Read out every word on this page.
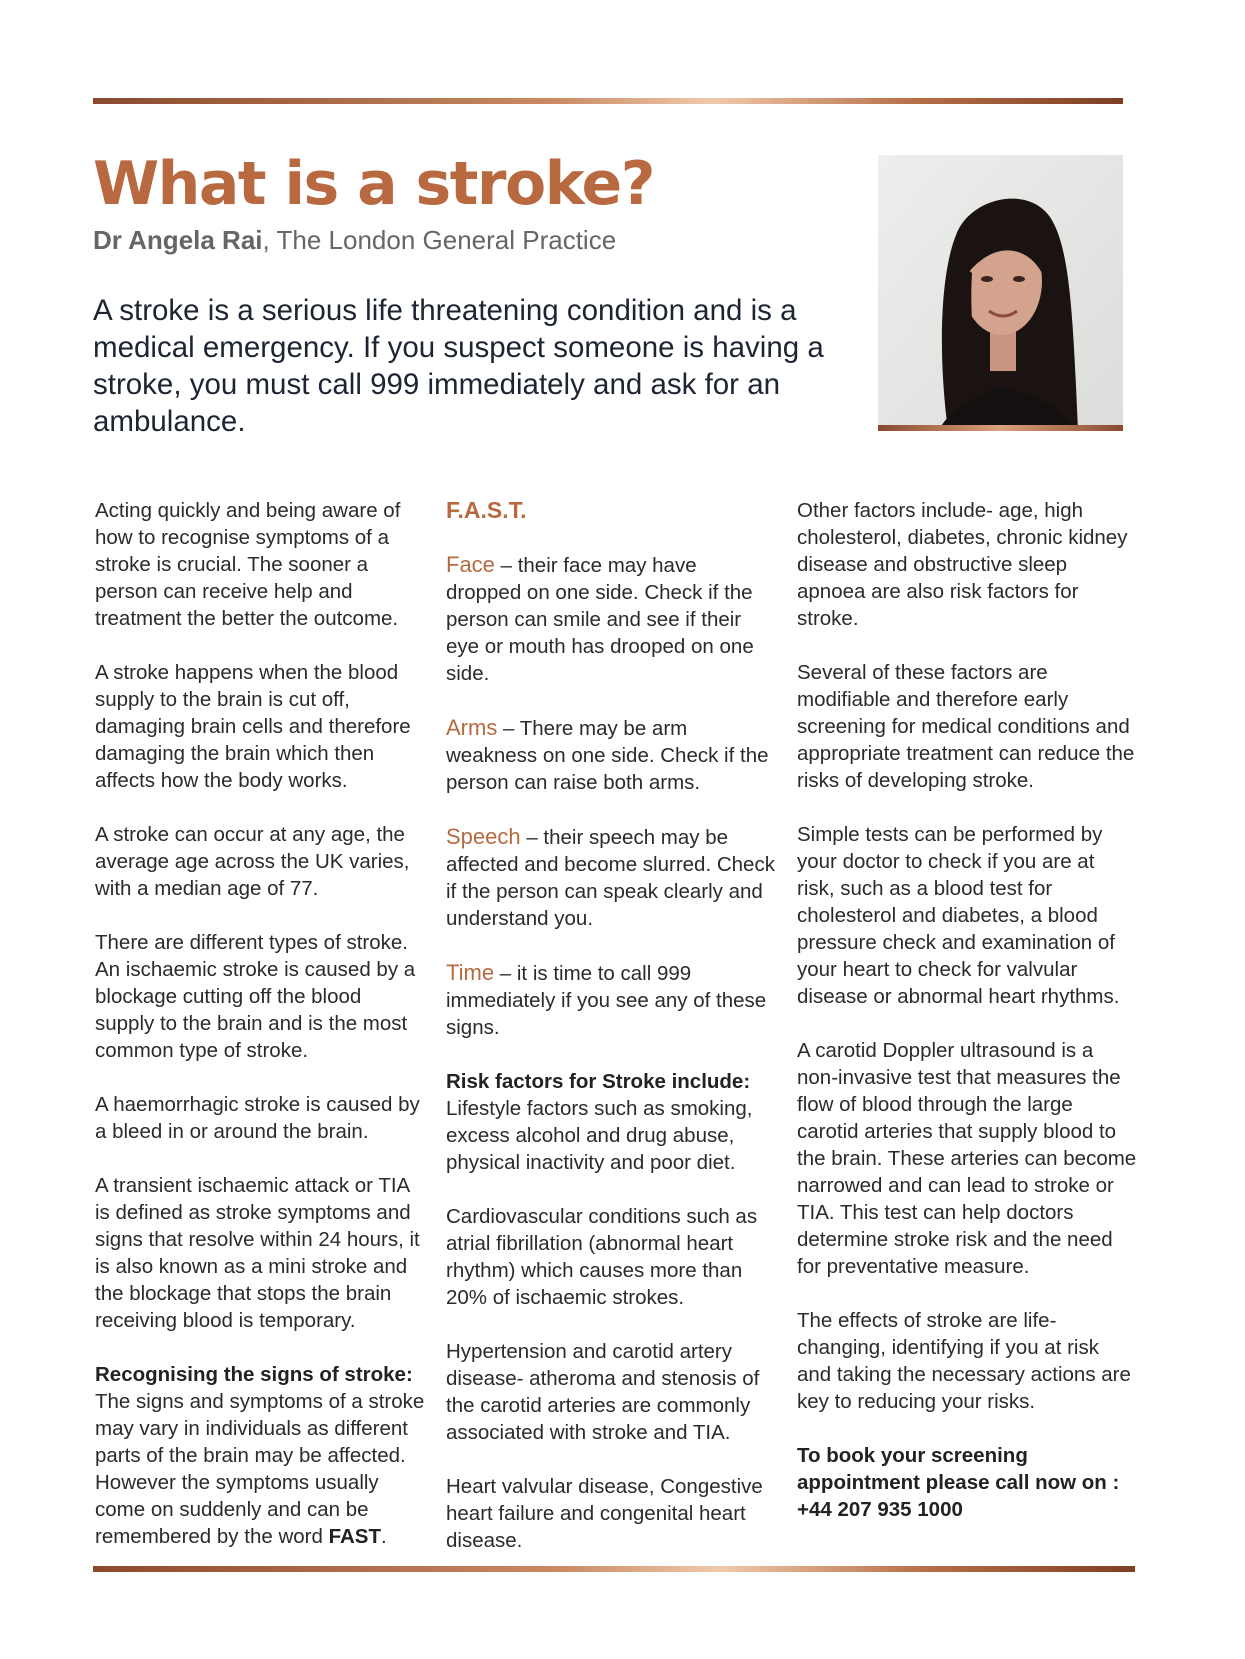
What is a stroke?
Dr Angela Rai, The London General Practice

A stroke is a serious life threatening condition and is a medical emergency. If you suspect someone is having a stroke, you must call 999 immediately and ask for an ambulance.

Acting quickly and being aware of how to recognise symptoms of a stroke is crucial. The sooner a person can receive help and treatment the better the outcome.

A stroke happens when the blood supply to the brain is cut off, damaging brain cells and therefore damaging the brain which then affects how the body works.

A stroke can occur at any age, the average age across the UK varies, with a median age of 77.

There are different types of stroke. An ischaemic stroke is caused by a blockage cutting off the blood supply to the brain and is the most common type of stroke.

A haemorrhagic stroke is caused by a bleed in or around the brain.

A transient ischaemic attack or TIA is defined as stroke symptoms and signs that resolve within 24 hours, it is also known as a mini stroke and the blockage that stops the brain receiving blood is temporary.

Recognising the signs of stroke:
The signs and symptoms of a stroke may vary in individuals as different parts of the brain may be affected. However the symptoms usually come on suddenly and can be remembered by the word FAST.

F.A.S.T.

Face – their face may have dropped on one side. Check if the person can smile and see if their eye or mouth has drooped on one side.

Arms – There may be arm weakness on one side. Check if the person can raise both arms.

Speech – their speech may be affected and become slurred. Check if the person can speak clearly and understand you.

Time – it is time to call 999 immediately if you see any of these signs.

Risk factors for Stroke include:
Lifestyle factors such as smoking, excess alcohol and drug abuse, physical inactivity and poor diet.

Cardiovascular conditions such as atrial fibrillation (abnormal heart rhythm) which causes more than 20% of ischaemic strokes.

Hypertension and carotid artery disease- atheroma and stenosis of the carotid arteries are commonly associated with stroke and TIA.

Heart valvular disease, Congestive heart failure and congenital heart disease.

Other factors include- age, high cholesterol, diabetes, chronic kidney disease and obstructive sleep apnoea are also risk factors for stroke.

Several of these factors are modifiable and therefore early screening for medical conditions and appropriate treatment can reduce the risks of developing stroke.

Simple tests can be performed by your doctor to check if you are at risk, such as a blood test for cholesterol and diabetes, a blood pressure check and examination of your heart to check for valvular disease or abnormal heart rhythms.

A carotid Doppler ultrasound is a non-invasive test that measures the flow of blood through the large carotid arteries that supply blood to the brain. These arteries can become narrowed and can lead to stroke or TIA. This test can help doctors determine stroke risk and the need for preventative measure.

The effects of stroke are life-changing, identifying if you at risk and taking the necessary actions are key to reducing your risks.

To book your screening appointment please call now on : +44 207 935 1000
